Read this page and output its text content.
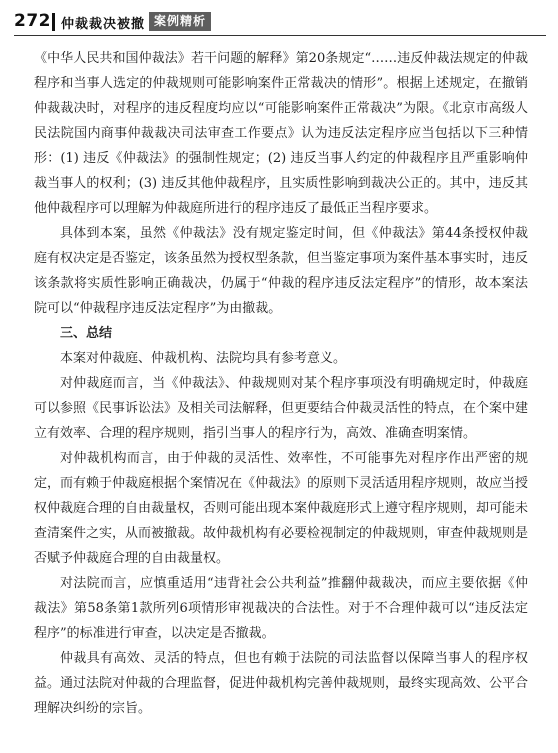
272 仲裁裁决被撤 案例精析

《中华人民共和国仲裁法》若干问题的解释》第20条规定“……违反仲裁法规定的仲裁程序和当事人选定的仲裁规则可能影响案件正常裁决的情形”。根据上述规定，在撤销仲裁裁决时，对程序的违反程度均应以“可能影响案件正常裁决”为限。《北京市高级人民法院国内商事仲裁裁决司法审查工作要点》认为违反法定程序应当包括以下三种情形：(1) 违反《仲裁法》的强制性规定；(2) 违反当事人约定的仲裁程序且严重影响仲裁当事人的权利；(3) 违反其他仲裁程序，且实质性影响到裁决公正的。其中，违反其他仲裁程序可以理解为仲裁庭所进行的程序违反了最低正当程序要求。

具体到本案，虽然《仲裁法》没有规定鉴定时间，但《仲裁法》第44条授权仲裁庭有权决定是否鉴定，该条虽然为授权型条款，但当鉴定事项为案件基本事实时，违反该条款将实质性影响正确裁决，仍属于“仲裁的程序违反法定程序”的情形，故本案法院可以“仲裁程序违反法定程序”为由撤裁。

三、总结

本案对仲裁庭、仲裁机构、法院均具有参考意义。

对仲裁庭而言，当《仲裁法》、仲裁规则对某个程序事项没有明确规定时，仲裁庭可以参照《民事诉讼法》及相关司法解释，但更要结合仲裁灵活性的特点，在个案中建立有效率、合理的程序规则，指引当事人的程序行为，高效、准确查明案情。

对仲裁机构而言，由于仲裁的灵活性、效率性，不可能事先对程序作出严密的规定，而有赖于仲裁庭根据个案情况在《仲裁法》的原则下灵活适用程序规则，故应当授权仲裁庭合理的自由裁量权，否则可能出现本案仲裁庭形式上遵守程序规则，却可能未查清案件之实，从而被撤裁。故仲裁机构有必要检视制定的仲裁规则，审查仲裁规则是否赋予仲裁庭合理的自由裁量权。

对法院而言，应慎重适用“违背社会公共利益”推翻仲裁裁决，而应主要依据《仲裁法》第58条第1款所列6项情形审视裁决的合法性。对于不合理仲裁可以“违反法定程序”的标准进行审查，以决定是否撤裁。

仲裁具有高效、灵活的特点，但也有赖于法院的司法监督以保障当事人的程序权益。通过法院对仲裁的合理监督，促进仲裁机构完善仲裁规则，最终实现高效、公平合理解决纠纷的宗旨。
